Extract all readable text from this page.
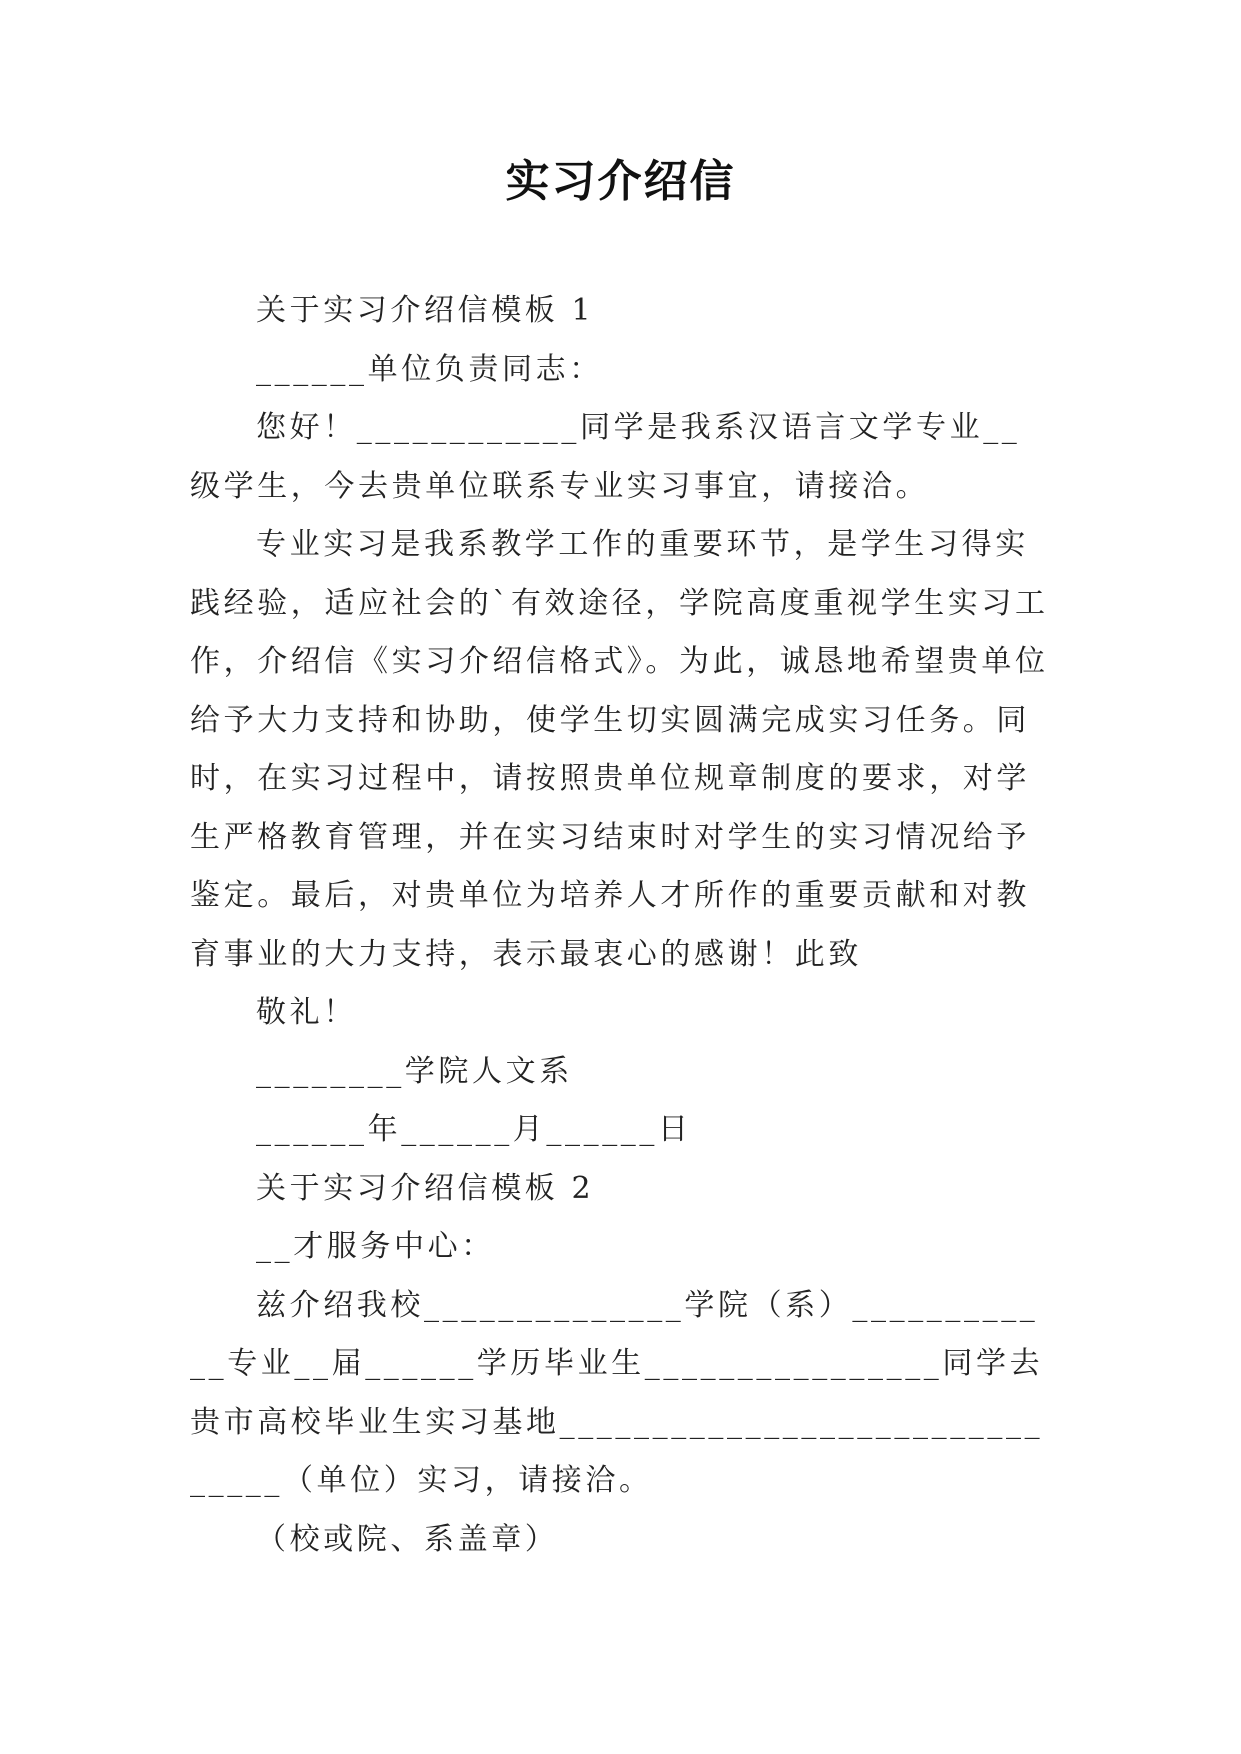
实习介绍信

关于实习介绍信模板 1

______单位负责同志：

您好！____________同学是我系汉语言文学专业__级学生，今去贵单位联系专业实习事宜，请接洽。

专业实习是我系教学工作的重要环节，是学生习得实践经验，适应社会的`有效途径，学院高度重视学生实习工作，介绍信《实习介绍信格式》。为此，诚恳地希望贵单位给予大力支持和协助，使学生切实圆满完成实习任务。同时，在实习过程中，请按照贵单位规章制度的要求，对学生严格教育管理，并在实习结束时对学生的实习情况给予鉴定。最后，对贵单位为培养人才所作的重要贡献和对教育事业的大力支持，表示最衷心的感谢！此致

敬礼！

________学院人文系

______年______月______日

关于实习介绍信模板 2

__才服务中心：

兹介绍我校______________学院（系）____________专业__届______学历毕业生________________同学去贵市高校毕业生实习基地_______________________________（单位）实习，请接洽。

（校或院、系盖章）
